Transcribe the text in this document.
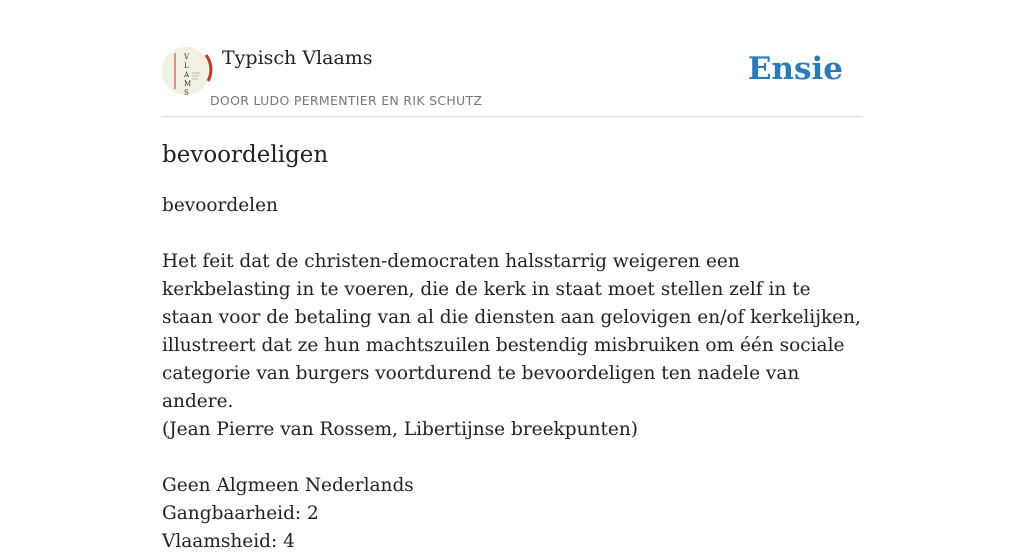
V
L
A
M
S
Typisch Vlaams
DOOR LUDO PERMENTIER EN RIK SCHUTZ
Ensie
bevoordeligen

bevoordelen

Het feit dat de christen-democraten halsstarrig weigeren een kerkbelasting in te voeren, die de kerk in staat moet stellen zelf in te staan voor de betaling van al die diensten aan gelovigen en/of kerkelijken, illustreert dat ze hun machtszuilen bestendig misbruiken om één sociale categorie van burgers voortdurend te bevoordeligen ten nadele van andere.

(Jean Pierre van Rossem, Libertijnse breekpunten)

Geen Algmeen Nederlands

Gangbaarheid: 2

Vlaamsheid: 4
